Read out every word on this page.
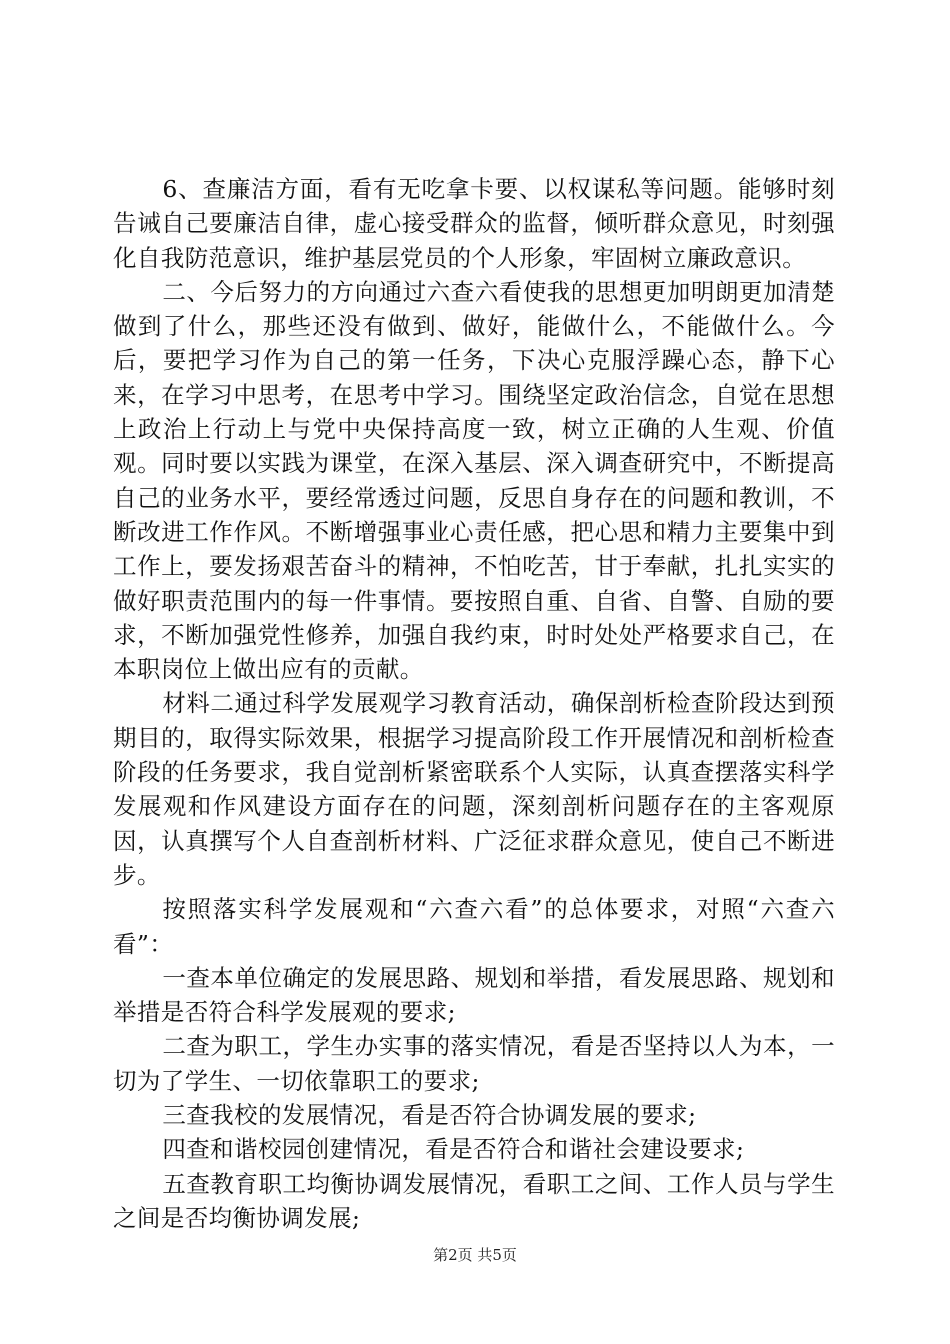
6、查廉洁方面，看有无吃拿卡要、以权谋私等问题。能够时刻告诫自己要廉洁自律，虚心接受群众的监督，倾听群众意见，时刻强化自我防范意识，维护基层党员的个人形象，牢固树立廉政意识。

二、今后努力的方向通过六查六看使我的思想更加明朗更加清楚做到了什么，那些还没有做到、做好，能做什么，不能做什么。今后，要把学习作为自己的第一任务，下决心克服浮躁心态，静下心来，在学习中思考，在思考中学习。围绕坚定政治信念，自觉在思想上政治上行动上与党中央保持高度一致，树立正确的人生观、价值观。同时要以实践为课堂，在深入基层、深入调查研究中，不断提高自己的业务水平，要经常透过问题，反思自身存在的问题和教训，不断改进工作作风。不断增强事业心责任感，把心思和精力主要集中到工作上，要发扬艰苦奋斗的精神，不怕吃苦，甘于奉献，扎扎实实的做好职责范围内的每一件事情。要按照自重、自省、自警、自励的要求，不断加强党性修养，加强自我约束，时时处处严格要求自己，在本职岗位上做出应有的贡献。

材料二通过科学发展观学习教育活动，确保剖析检查阶段达到预期目的，取得实际效果，根据学习提高阶段工作开展情况和剖析检查阶段的任务要求，我自觉剖析紧密联系个人实际，认真查摆落实科学发展观和作风建设方面存在的问题，深刻剖析问题存在的主客观原因，认真撰写个人自查剖析材料、广泛征求群众意见，使自己不断进步。

按照落实科学发展观和“六查六看”的总体要求，对照“六查六看”：

一查本单位确定的发展思路、规划和举措，看发展思路、规划和举措是否符合科学发展观的要求;

二查为职工，学生办实事的落实情况，看是否坚持以人为本，一切为了学生、一切依靠职工的要求;

三查我校的发展情况，看是否符合协调发展的要求;

四查和谐校园创建情况，看是否符合和谐社会建设要求;

五查教育职工均衡协调发展情况，看职工之间、工作人员与学生之间是否均衡协调发展;

第2页 共5页
